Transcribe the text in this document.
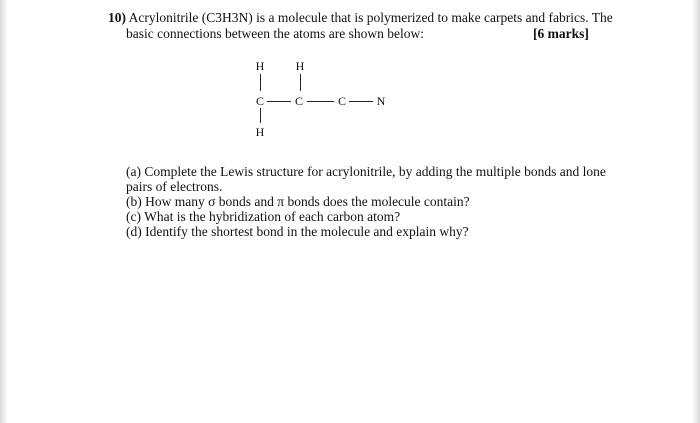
10) Acrylonitrile (C3H3N) is a molecule that is polymerized to make carpets and fabrics. The
basic connections between the atoms are shown below:	[6 marks]
H	H
C	C	C	N
H
(a) Complete the Lewis structure for acrylonitrile, by adding the multiple bonds and lone
pairs of electrons.
(b) How many σ bonds and π bonds does the molecule contain?
(c) What is the hybridization of each carbon atom?
(d) Identify the shortest bond in the molecule and explain why?
